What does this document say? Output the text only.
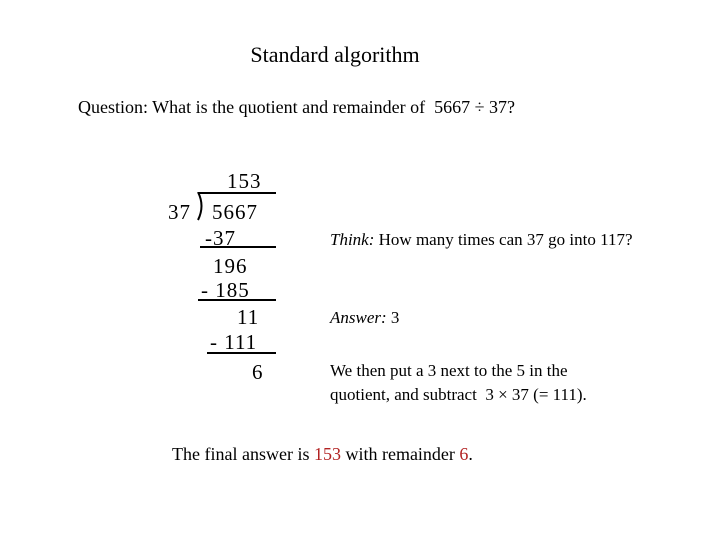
Standard algorithm
Question: What is the quotient and remainder of  5667 ÷ 37?
153
37 5667
-37
196
- 185
11
- 111
6
Think: How many times can 37 go into 117?
Answer: 3
We then put a 3 next to the 5 in the
quotient, and subtract  3 × 37 (= 111).
The final answer is 153 with remainder 6.
